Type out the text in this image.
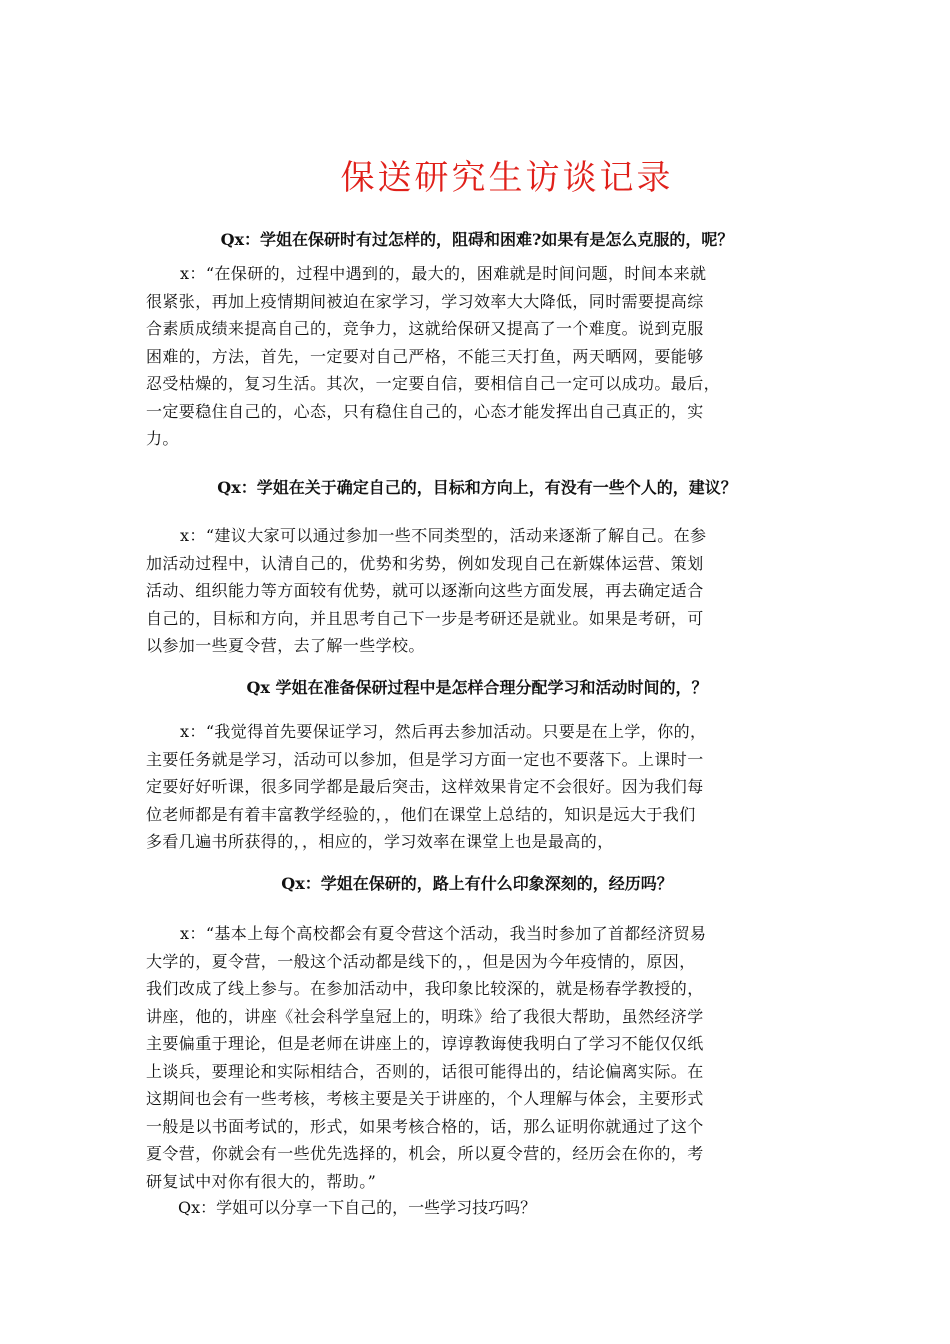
保送研究生访谈记录
Qx：学姐在保研时有过怎样的，阻碍和困难?如果有是怎么克服的，呢？
x：“在保研的，过程中遇到的，最大的，困难就是时间问题，时间本来就
很紧张，再加上疫情期间被迫在家学习，学习效率大大降低，同时需要提高综
合素质成绩来提高自己的，竞争力，这就给保研又提高了一个难度。说到克服
困难的，方法，首先，一定要对自己严格，不能三天打鱼，两天晒网，要能够
忍受枯燥的，复习生活。其次，一定要自信，要相信自己一定可以成功。最后，
一定要稳住自己的，心态，只有稳住自己的，心态才能发挥出自己真正的，实
力。
Qx：学姐在关于确定自己的，目标和方向上，有没有一些个人的，建议？
x：“建议大家可以通过参加一些不同类型的，活动来逐渐了解自己。在参
加活动过程中，认清自己的，优势和劣势，例如发现自己在新媒体运营、策划
活动、组织能力等方面较有优势，就可以逐渐向这些方面发展，再去确定适合
自己的，目标和方向，并且思考自己下一步是考研还是就业。如果是考研，可
以参加一些夏令营，去了解一些学校。
Qx 学姐在准备保研过程中是怎样合理分配学习和活动时间的，？
x：“我觉得首先要保证学习，然后再去参加活动。只要是在上学，你的，
主要任务就是学习，活动可以参加，但是学习方面一定也不要落下。上课时一
定要好好听课，很多同学都是最后突击，这样效果肯定不会很好。因为我们每
位老师都是有着丰富教学经验的，，他们在课堂上总结的，知识是远大于我们
多看几遍书所获得的，，相应的，学习效率在课堂上也是最高的，
Qx：学姐在保研的，路上有什么印象深刻的，经历吗？
x：“基本上每个高校都会有夏令营这个活动，我当时参加了首都经济贸易
大学的，夏令营，一般这个活动都是线下的，，但是因为今年疫情的，原因，
我们改成了线上参与。在参加活动中，我印象比较深的，就是杨春学教授的，
讲座，他的，讲座《社会科学皇冠上的，明珠》给了我很大帮助，虽然经济学
主要偏重于理论，但是老师在讲座上的，谆谆教诲使我明白了学习不能仅仅纸
上谈兵，要理论和实际相结合，否则的，话很可能得出的，结论偏离实际。在
这期间也会有一些考核，考核主要是关于讲座的，个人理解与体会，主要形式
一般是以书面考试的，形式，如果考核合格的，话，那么证明你就通过了这个
夏令营，你就会有一些优先选择的，机会，所以夏令营的，经历会在你的，考
研复试中对你有很大的，帮助。”
Qx：学姐可以分享一下自己的，一些学习技巧吗？
